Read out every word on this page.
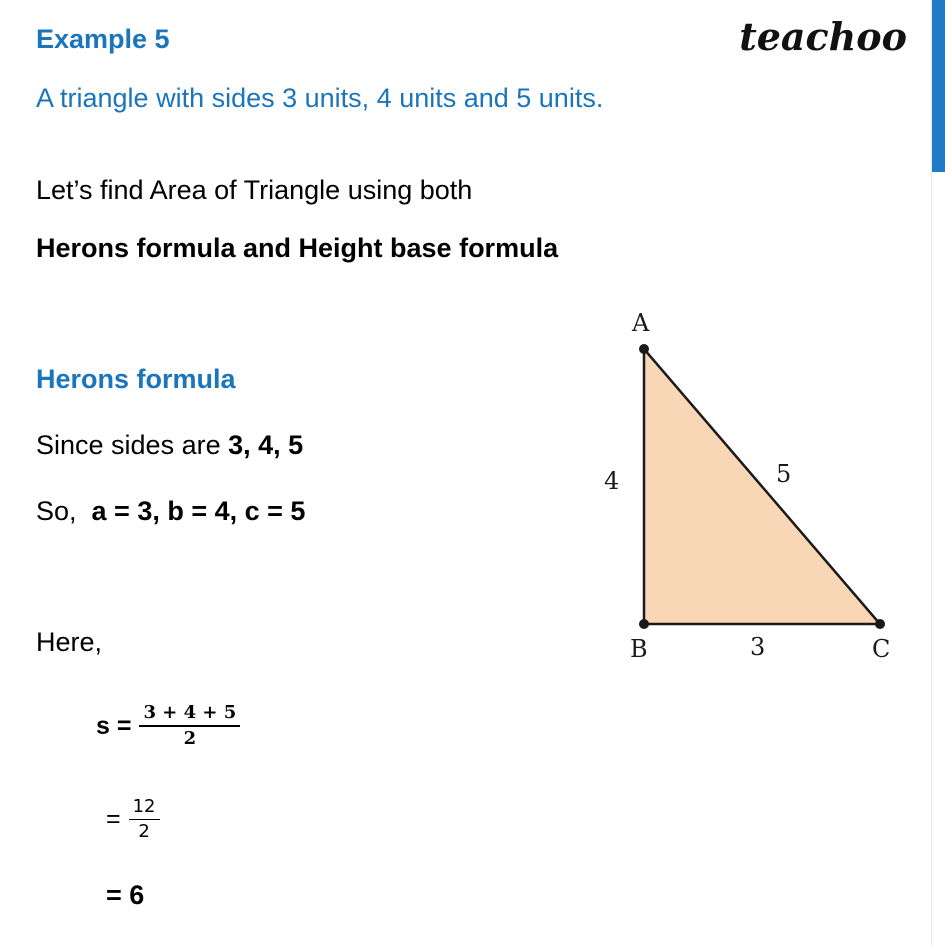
Example 5	teachoo
A triangle with sides 3 units, 4 units and 5 units.
Let’s find Area of Triangle using both
Herons formula and Height base formula
Herons formula
Since sides are 3, 4, 5
So,  a = 3, b = 4, c = 5
Here,
$s = \frac{3 + 4 + 5}{2}$
= $\frac{12}{2}$
= 6
A
B	C
4	5
3
